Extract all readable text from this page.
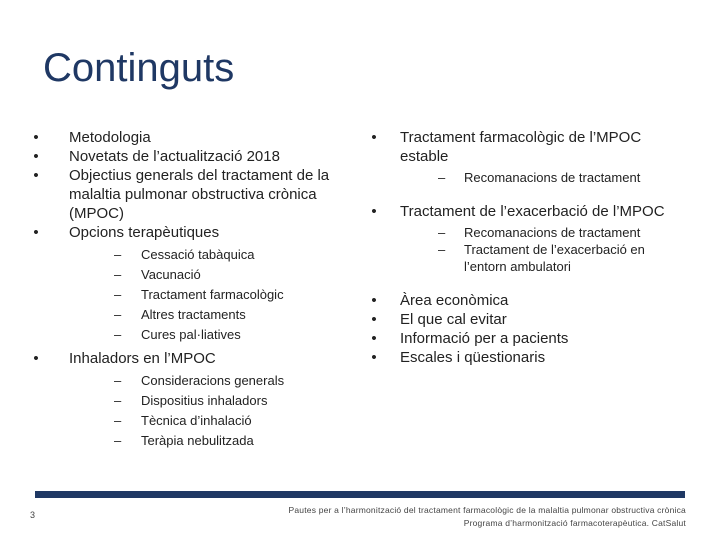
Continguts
• Metodologia
• Novetats de l’actualització 2018
• Objectius generals del tractament de la malaltia pulmonar obstructiva crònica (MPOC)
• Opcions terapèutiques
– Cessació tabàquica
– Vacunació
– Tractament farmacològic
– Altres tractaments
– Cures pal·liatives
• Inhaladors en l’MPOC
– Consideracions generals
– Dispositius inhaladors
– Tècnica d’inhalació
– Teràpia nebulitzada
• Tractament farmacològic de l’MPOC estable
– Recomanacions de tractament
• Tractament de l’exacerbació de l’MPOC
– Recomanacions de tractament
– Tractament de l’exacerbació en l’entorn ambulatori
• Àrea econòmica
• El que cal evitar
• Informació per a pacients
• Escales i qüestionaris
3	Pautes per a l’harmonització del tractament farmacològic de la malaltia pulmonar obstructiva crònica
Programa d’harmonització farmacoterapèutica. CatSalut
